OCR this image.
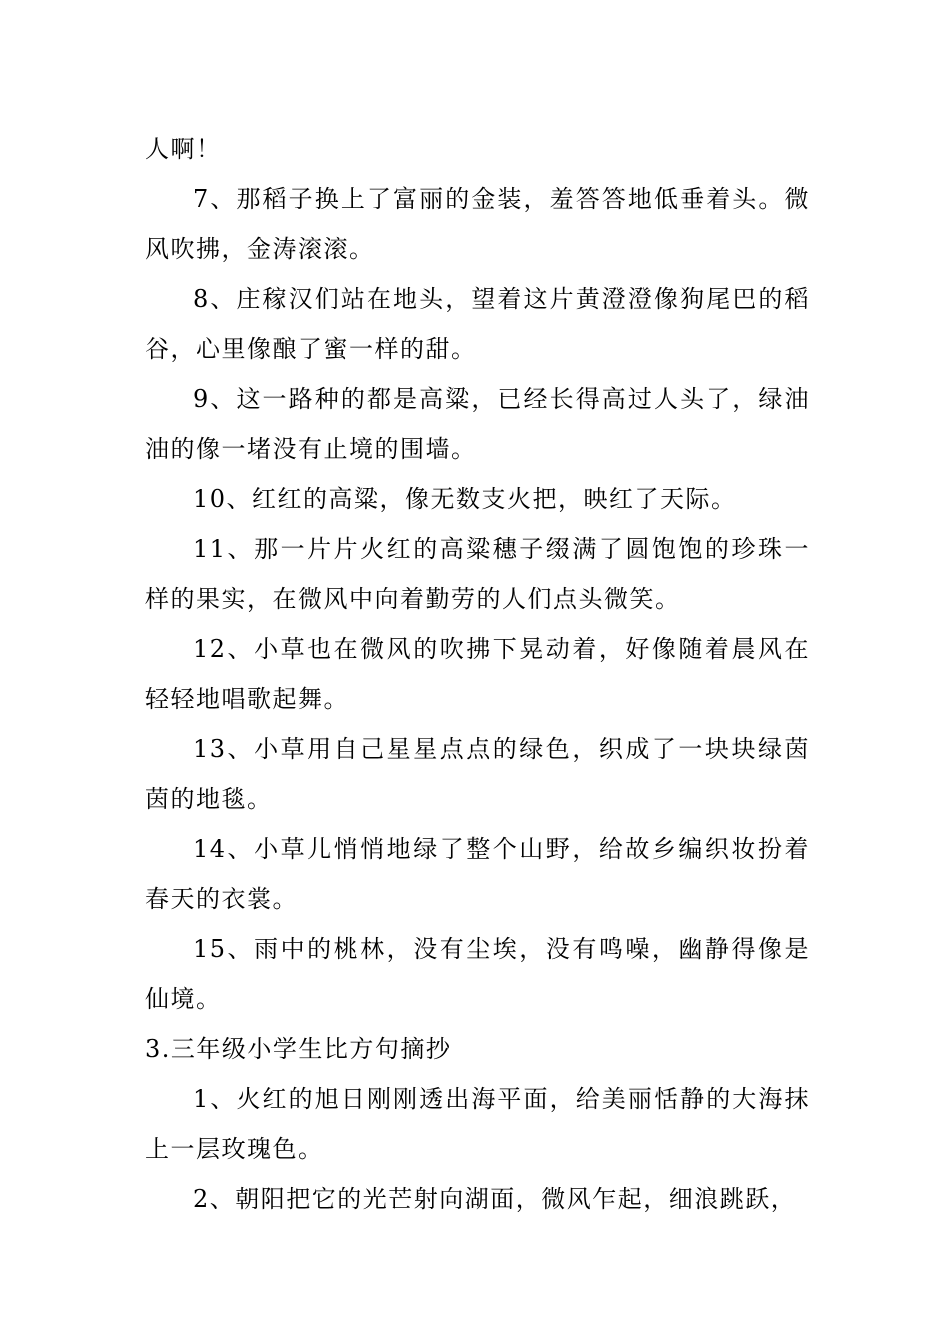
人啊！

7、那稻子换上了富丽的金装，羞答答地低垂着头。微风吹拂，金涛滚滚。

8、庄稼汉们站在地头，望着这片黄澄澄像狗尾巴的稻谷，心里像酿了蜜一样的甜。

9、这一路种的都是高粱，已经长得高过人头了，绿油油的像一堵没有止境的围墙。

10、红红的高粱，像无数支火把，映红了天际。

11、那一片片火红的高粱穗子缀满了圆饱饱的珍珠一样的果实，在微风中向着勤劳的人们点头微笑。

12、小草也在微风的吹拂下晃动着，好像随着晨风在轻轻地唱歌起舞。

13、小草用自己星星点点的绿色，织成了一块块绿茵茵的地毯。

14、小草儿悄悄地绿了整个山野，给故乡编织妆扮着春天的衣裳。

15、雨中的桃林，没有尘埃，没有鸣噪，幽静得像是仙境。

3.三年级小学生比方句摘抄

1、火红的旭日刚刚透出海平面，给美丽恬静的大海抹上一层玫瑰色。

2、朝阳把它的光芒射向湖面，微风乍起，细浪跳跃，
